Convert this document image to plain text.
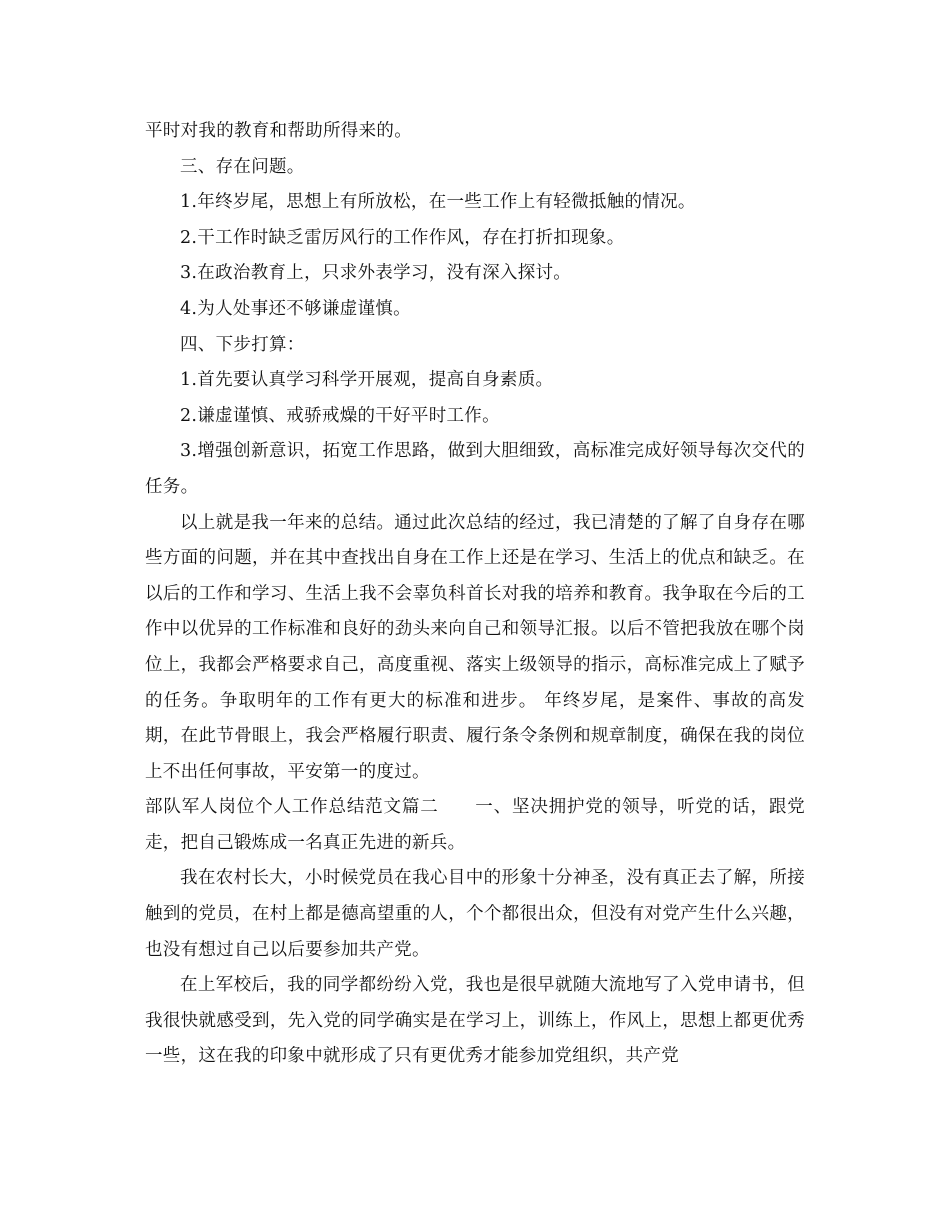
平时对我的教育和帮助所得来的。

三、存在问题。

1.年终岁尾，思想上有所放松，在一些工作上有轻微抵触的情况。

2.干工作时缺乏雷厉风行的工作作风，存在打折扣现象。

3.在政治教育上，只求外表学习，没有深入探讨。

4.为人处事还不够谦虚谨慎。

四、下步打算：

1.首先要认真学习科学开展观，提高自身素质。

2.谦虚谨慎、戒骄戒燥的干好平时工作。

3.增强创新意识，拓宽工作思路，做到大胆细致，高标准完成好领导每次交代的任务。

以上就是我一年来的总结。通过此次总结的经过，我已清楚的了解了自身存在哪些方面的问题，并在其中查找出自身在工作上还是在学习、生活上的优点和缺乏。在以后的工作和学习、生活上我不会辜负科首长对我的培养和教育。我争取在今后的工作中以优异的工作标准和良好的劲头来向自己和领导汇报。以后不管把我放在哪个岗位上，我都会严格要求自己，高度重视、落实上级领导的指示，高标准完成上了赋予的任务。争取明年的工作有更大的标准和进步。 年终岁尾，是案件、事故的高发期，在此节骨眼上，我会严格履行职责、履行条令条例和规章制度，确保在我的岗位上不出任何事故，平安第一的度过。

部队军人岗位个人工作总结范文篇二　　一、坚决拥护党的领导，听党的话，跟党走，把自己锻炼成一名真正先进的新兵。

我在农村长大，小时候党员在我心目中的形象十分神圣，没有真正去了解，所接触到的党员，在村上都是德高望重的人，个个都很出众，但没有对党产生什么兴趣，也没有想过自己以后要参加共产党。

在上军校后，我的同学都纷纷入党，我也是很早就随大流地写了入党申请书，但我很快就感受到，先入党的同学确实是在学习上，训练上，作风上，思想上都更优秀一些，这在我的印象中就形成了只有更优秀才能参加党组织，共产党
